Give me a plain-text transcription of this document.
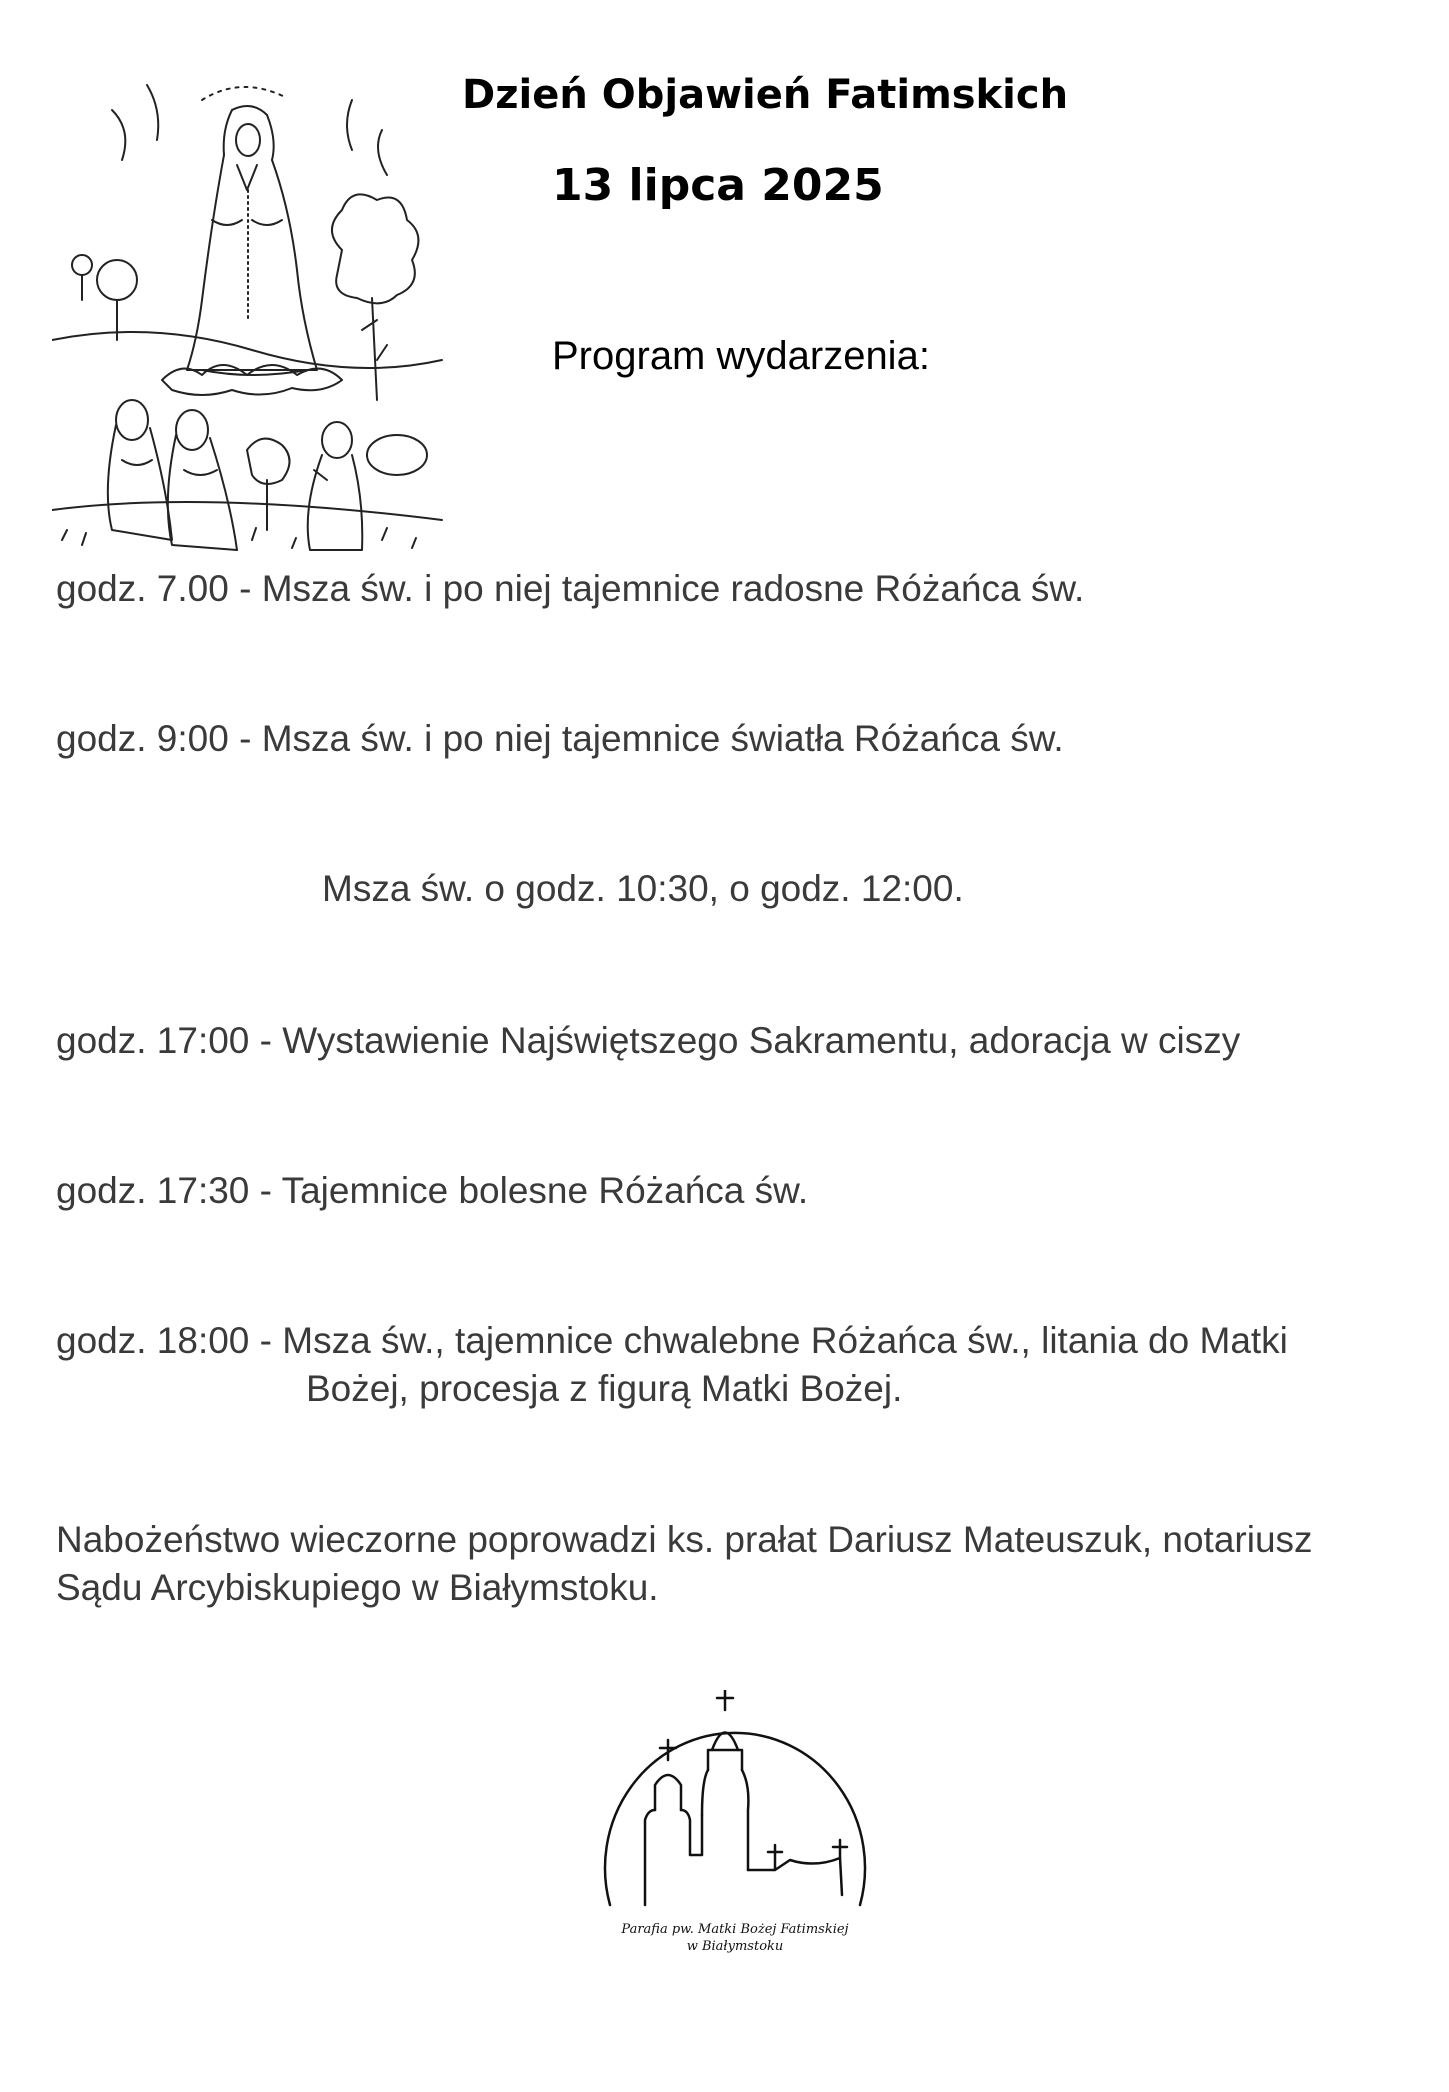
Dzień Objawień Fatimskich
13 lipca 2025
Program wydarzenia:
godz. 7.00 - Msza św. i po niej tajemnice radosne Różańca św.
godz. 9:00 - Msza św. i po niej tajemnice światła Różańca św.
Msza św. o godz. 10:30, o godz. 12:00.
godz. 17:00 - Wystawienie Najświętszego Sakramentu, adoracja w ciszy
godz. 17:30 - Tajemnice bolesne Różańca św.
godz. 18:00 - Msza św., tajemnice chwalebne Różańca św., litania do Matki
Bożej, procesja z figurą Matki Bożej.
Nabożeństwo wieczorne poprowadzi ks. prałat Dariusz Mateuszuk, notariusz
Sądu Arcybiskupiego w Białymstoku.
Parafia pw. Matki Bożej Fatimskiej
w Białymstoku
